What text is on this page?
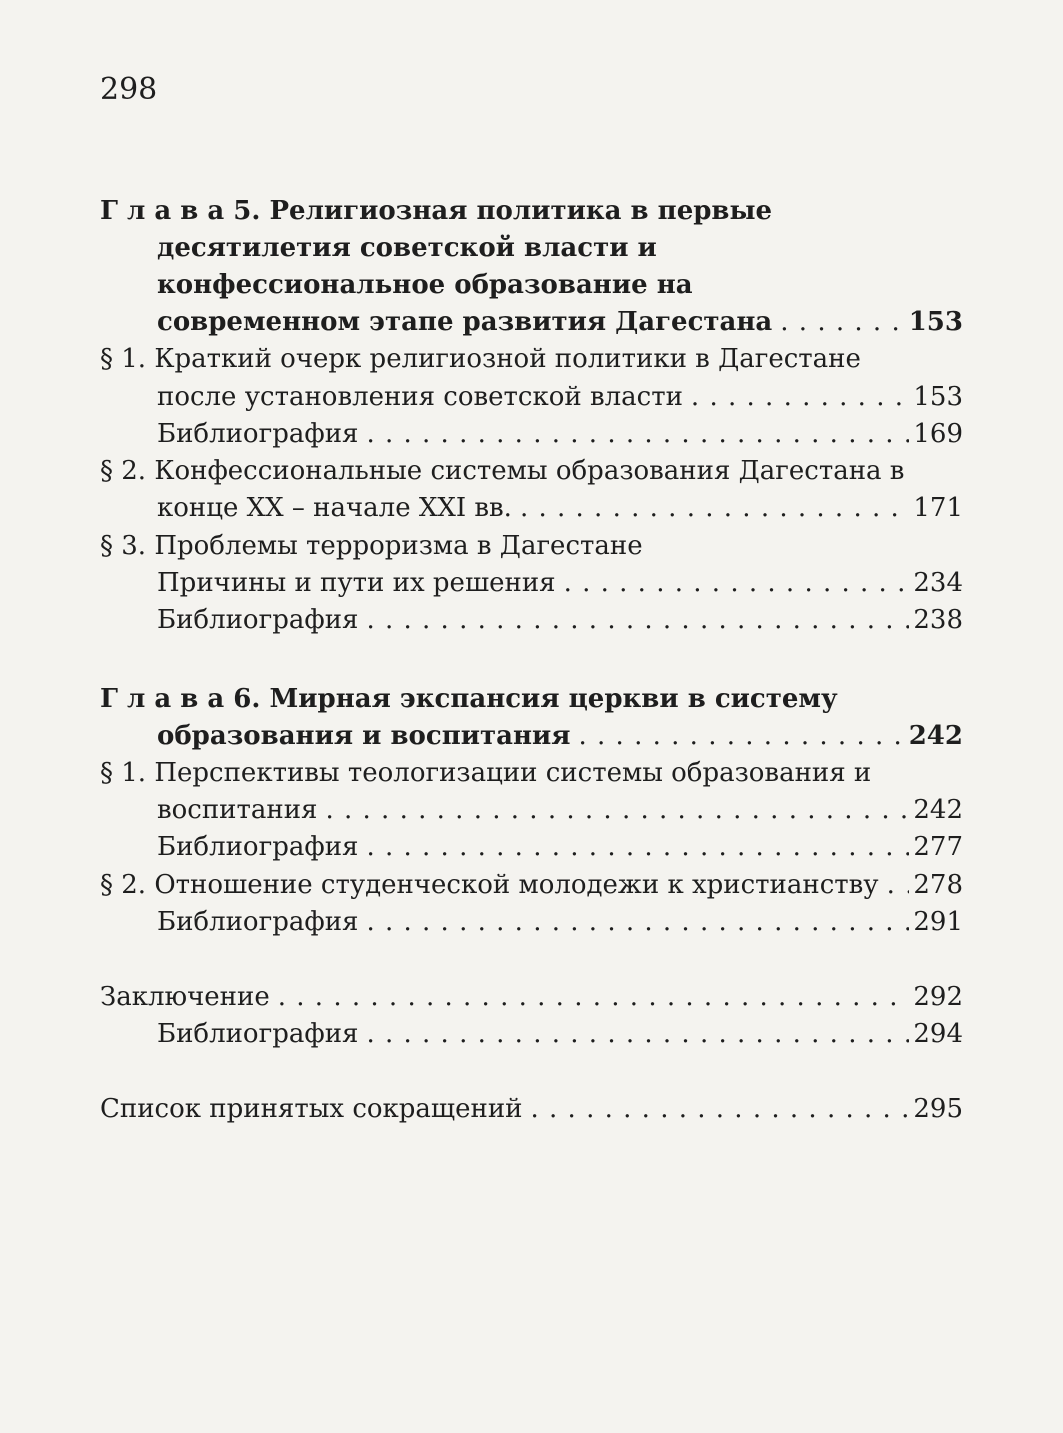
298
Г л а в а 5. Религиозная политика в первые
десятилетия советской власти и
конфессиональное образование на
современном этапе развития Дагестана . . .	153
§ 1. Краткий очерк религиозной политики в Дагестане
после установления советской власти . . .	153
Библиография . . .	169
§ 2. Конфессиональные системы образования Дагестана в
конце XX – начале XXI вв. . . .	171
§ 3. Проблемы терроризма в Дагестане
Причины и пути их решения . . .	234
Библиография . . .	238
Г л а в а 6. Мирная экспансия церкви в систему
образования и воспитания . . .	242
§ 1. Перспективы теологизации системы образования и
воспитания . . .	242
Библиография . . .	277
§ 2. Отношение студенческой молодежи к христианству . . . 278
Библиография . . .	291
Заключение . . .	292
Библиография . . .	294
Список принятых сокращений . . .	295
